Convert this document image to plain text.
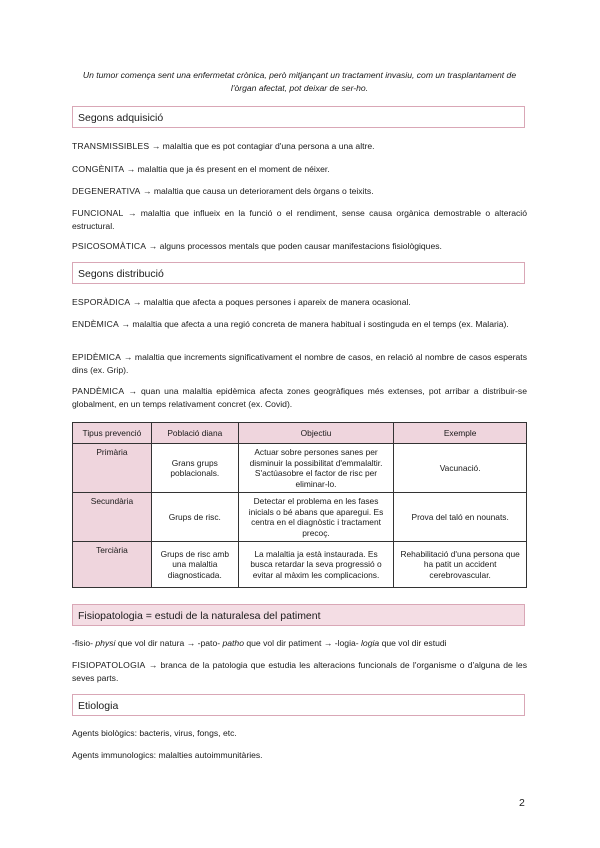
Un tumor comença sent una enfermetat crònica, però mitjançant un tractament invasiu, com un trasplantament de l'òrgan afectat, pot deixar de ser-ho.
Segons adquisició
TRANSMISSIBLES → malaltia que es pot contagiar d'una persona a una altre.
CONGÈNITA → malaltia que ja és present en el moment de néixer.
DEGENERATIVA → malaltia que causa un deteriorament dels òrgans o teixits.
FUNCIONAL → malaltia que influeix en la funció o el rendiment, sense causa orgànica demostrable o alteració estructural.
PSICOSOMÀTICA → alguns processos mentals que poden causar manifestacions fisiològiques.
Segons distribució
ESPORÀDICA → malaltia que afecta a poques persones i apareix de manera ocasional.
ENDÈMICA → malaltia que afecta a una regió concreta de manera habitual i sostinguda en el temps (ex. Malaria).
EPIDÈMICA → malaltia que increments significativament el nombre de casos, en relació al nombre de casos esperats dins (ex. Grip).
PANDÈMICA → quan una malaltia epidèmica afecta zones geogràfiques més extenses, pot arribar a distribuir-se globalment, en un temps relativament concret (ex. Covid).
Tipus prevenció	Població diana	Objectiu	Exemple
Primària	Grans grups poblacionals.	Actuar sobre persones sanes per disminuir la possibilitat d'emmalaltir. S'actúasobre el factor de risc per eliminar-lo.	Vacunació.
Secundària	Grups de risc.	Detectar el problema en les fases inicials o bé abans que aparegui. Es centra en el diagnòstic i tractament precoç.	Prova del taló en nounats.
Terciària	Grups de risc amb una malaltia diagnosticada.	La malaltia ja està instaurada. Es busca retardar la seva progressió o evitar al màxim les complicacions.	Rehabilitació d'una persona que ha patit un accident cerebrovascular.
Fisiopatologia = estudi de la naturalesa del patiment
-fisio- physi que vol dir natura → -pato- patho que vol dir patiment → -logia- logia que vol dir estudi
FISIOPATOLOGIA → branca de la patologia que estudia les alteracions funcionals de l'organisme o d'alguna de les seves parts.
Etiologia
Agents biològics: bacteris, virus, fongs, etc.
Agents immunologics: malalties autoimmunitàries.
2
